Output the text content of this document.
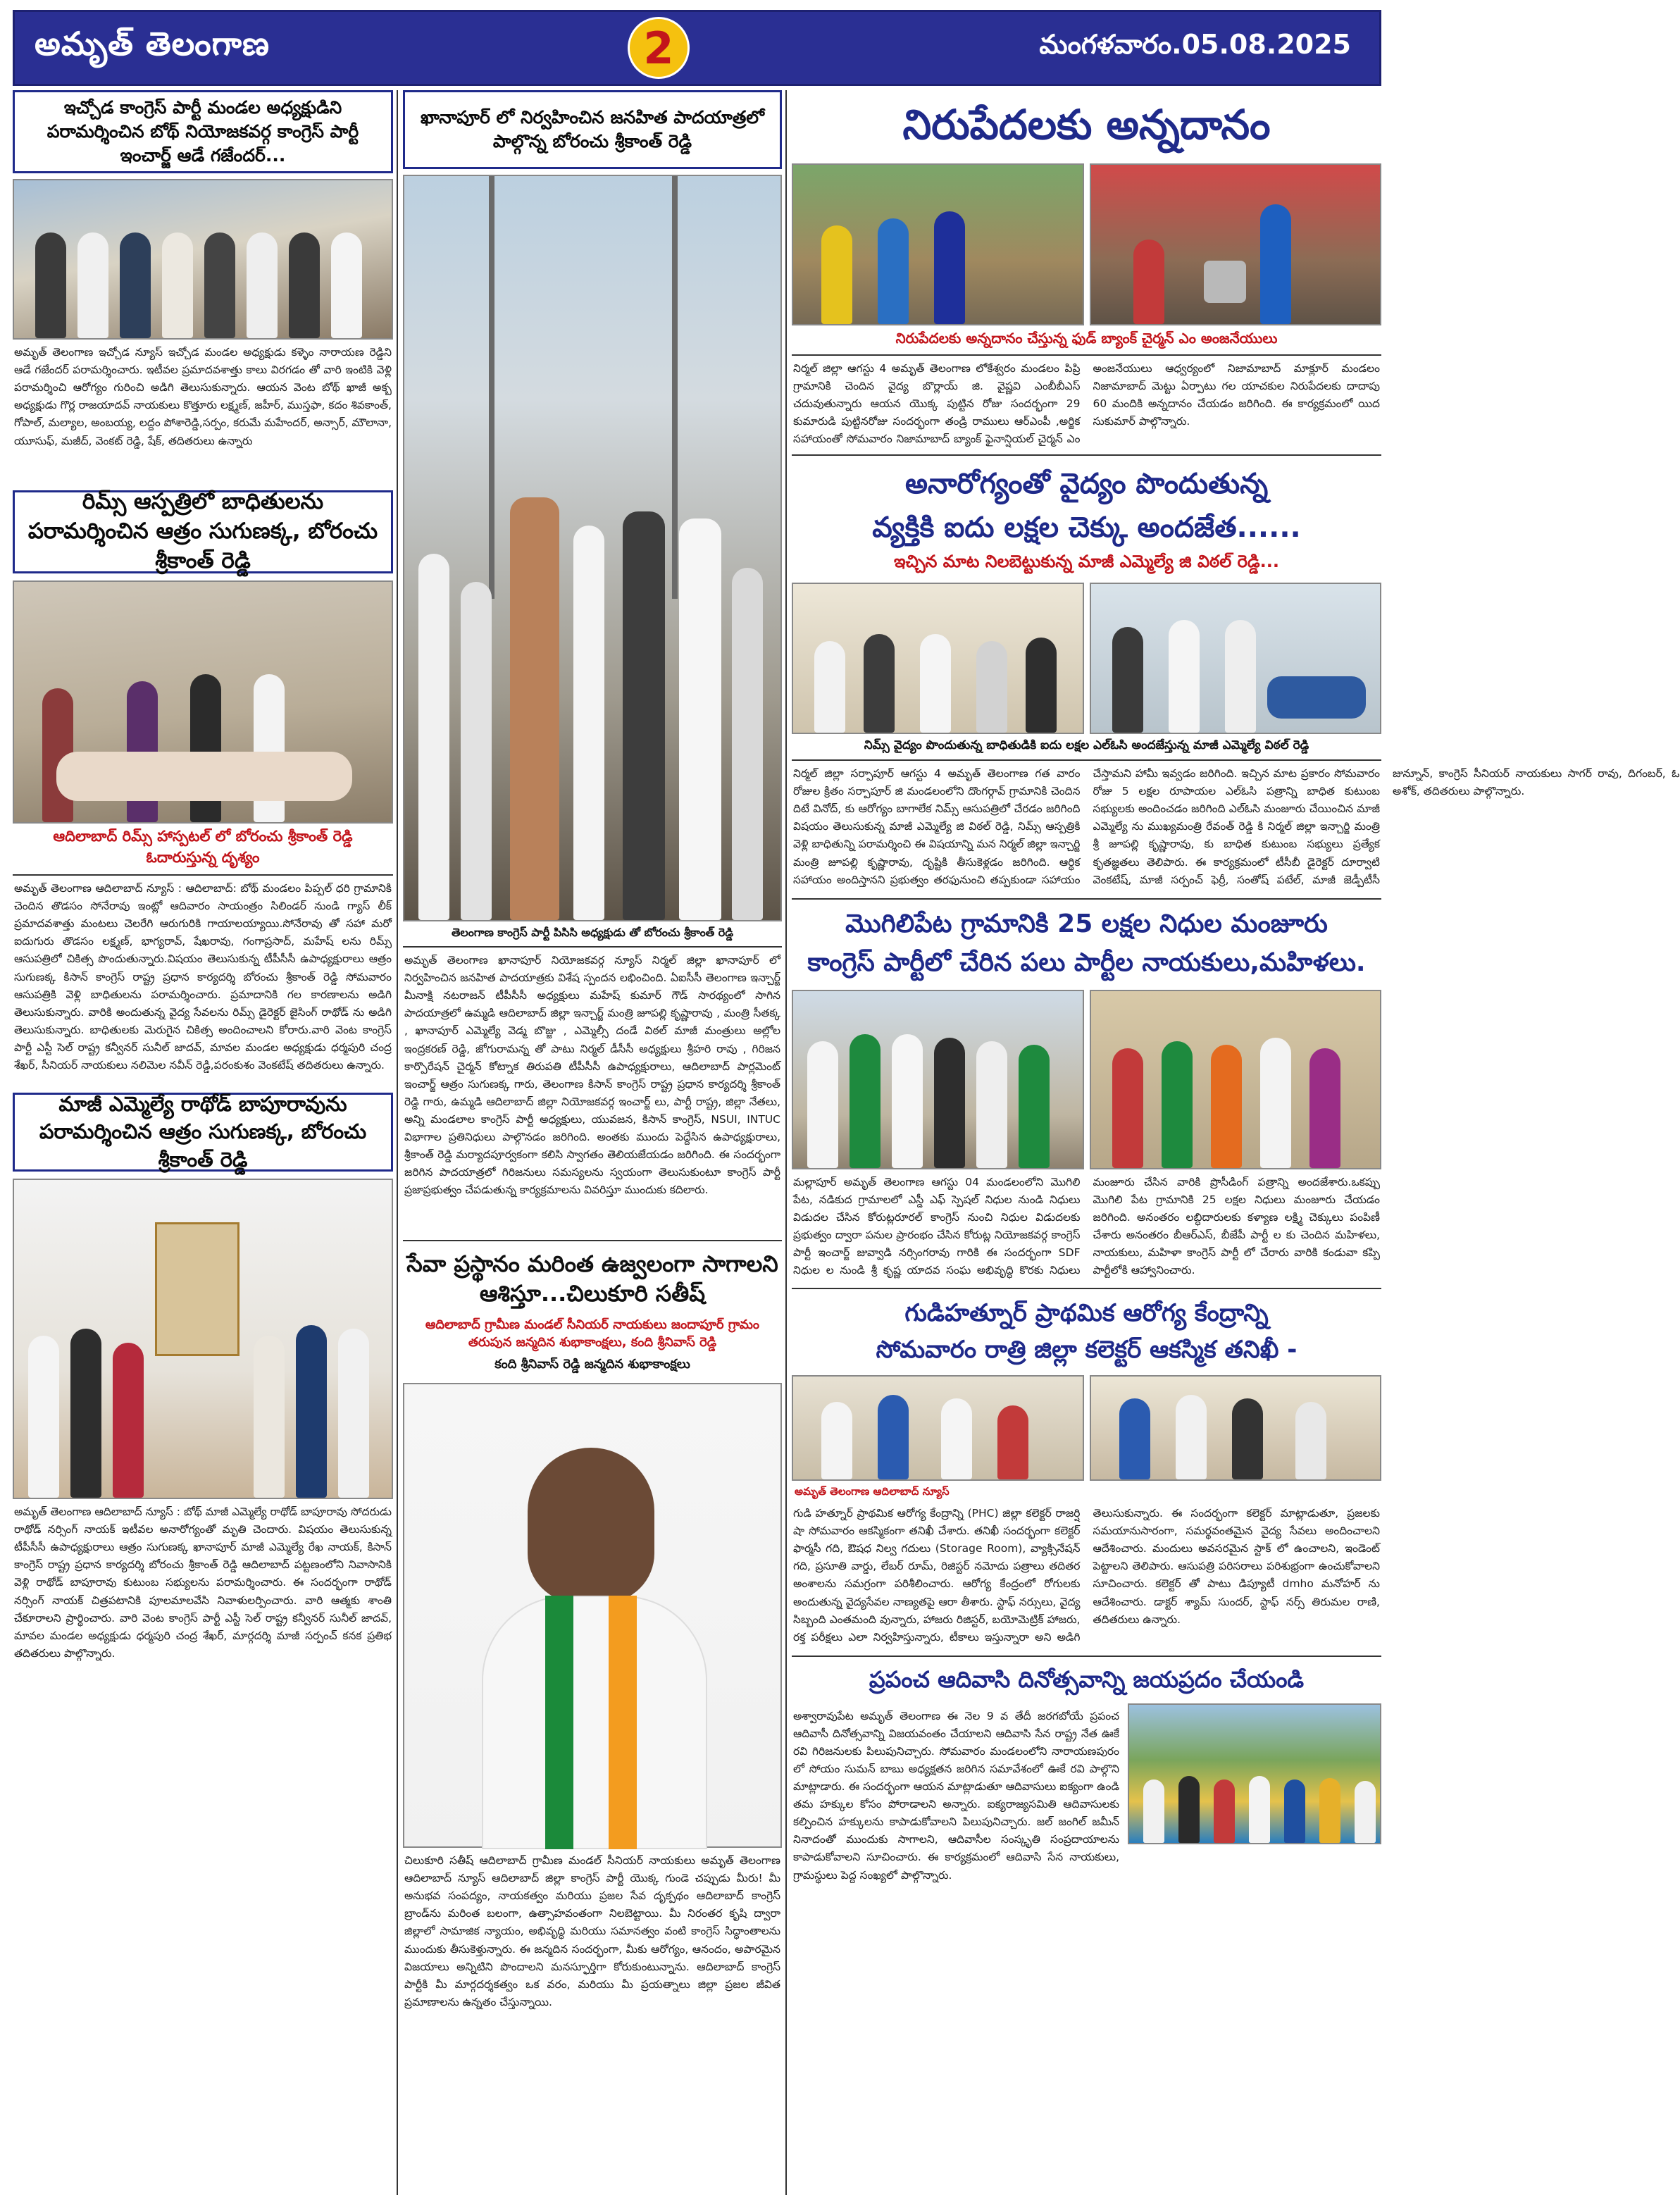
అమృత్ తెలంగాణ	2	మంగళవారం.05.08.2025
ఇచ్చోడ కాంగ్రెస్ పార్టీ మండల అధ్యక్షుడిని పరామర్శించిన బోథ్ నియోజకవర్గ కాంగ్రెస్ పార్టీ ఇంచార్జ్ ఆడే గజేందర్...
అమృత్ తెలంగాణ ఇచ్చోడ న్యూస్ ఇచ్చోడ మండల అధ్యక్షుడు కళ్ళెం నారాయణ రెడ్డిని ఆడే గజేందర్ పరామర్శించారు. ఇటీవల ప్రమాదవశాత్తు కాలు విరగడం తో వారి ఇంటికి వెళ్లి పరామర్శించి ఆరోగ్యం గురించి అడిగి తెలుసుకున్నారు. ఆయన వెంట బోథ్ ఖాజీ అక్బ అధ్యక్షుడు గొర్ల రాజయాదవ్ నాయకులు కొత్తూరు లక్ష్మణ్, జహీర్, ముస్తఫా, కదం శివకాంత్, గోపాల్, మల్యాల, అంబయ్య, లద్దం పోశారెడ్డి,సర్పం, కరుమే మహేందర్, అన్సార్, మౌలానా, యూసుఫ్, మజీద్, వెంకట్ రెడ్డి, షేక్, తదితరులు ఉన్నారు
రిమ్స్ ఆస్పత్రిలో బాధితులను పరామర్శించిన ఆత్రం సుగుణక్క, బోరంచు శ్రీకాంత్ రెడ్డి
ఆదిలాబాద్ రిమ్స్ హాస్పటల్ లో బోరంచు శ్రీకాంత్ రెడ్డి ఓదారుస్తున్న దృశ్యం
అమృత్ తెలంగాణ ఆదిలాబాద్ న్యూస్ : ఆదిలాబాద్: బోథ్ మండలం పిప్పల్ ధరి గ్రామానికి చెందిన తొడసం సోనేరావు ఇంట్లో ఆదివారం సాయంత్రం సిలిండర్ నుండి గ్యాస్ లీక్ ప్రమాదవశాత్తు మంటలు చెలరేగి ఆరుగురికి గాయాలయ్యాయి.సోనేరావు తో సహా మరో ఐదుగురు తొడసం లక్ష్మణ్, భాగ్యరావ్, షేఖరావు, గంగాప్రసాద్, మహేష్ లను రిమ్స్ ఆసుపత్రిలో చికిత్స పొందుతున్నారు.విషయం తెలుసుకున్న టీపీసీసీ ఉపాధ్యక్షురాలు ఆత్రం సుగుణక్క కిసాన్ కాంగ్రెస్ రాష్ట్ర ప్రధాన కార్యదర్శి బోరంచు శ్రీకాంత్ రెడ్డి సోమవారం ఆసుపత్రికి వెళ్లి బాధితులను పరామర్శించారు. ప్రమాదానికి గల కారణాలను అడిగి తెలుసుకున్నారు. వారికి అందుతున్న వైద్య సేవలను రిమ్స్ డైరెక్టర్ జైసింగ్ రాథోడ్ ను అడిగి తెలుసుకున్నారు. బాధితులకు మెరుగైన చికిత్స అందించాలని కోరారు.వారి వెంట కాంగ్రెస్ పార్టీ ఎస్టీ సెల్ రాష్ట్ర కన్వీనర్ సునీల్ జాదవ్, మావల మండల అధ్యక్షుడు ధర్మపురి చంద్ర శేఖర్, సీనియర్ నాయకులు నలిమెల నవీన్ రెడ్డి,పరంకుశం వెంకటేష్ తదితరులు ఉన్నారు.
మాజీ ఎమ్మెల్యే రాథోడ్ బాపూరావును పరామర్శించిన ఆత్రం సుగుణక్క, బోరంచు శ్రీకాంత్ రెడ్డి
అమృత్ తెలంగాణ ఆదిలాబాద్ న్యూస్ : బోథ్ మాజీ ఎమ్మెల్యే రాథోడ్ బాపూరావు సోదరుడు రాథోడ్ నర్సింగ్ నాయక్ ఇటీవల అనారోగ్యంతో మృతి చెందారు. విషయం తెలుసుకున్న టీపీసీసీ ఉపాధ్యక్షురాలు ఆత్రం సుగుణక్క ఖానాపూర్ మాజీ ఎమ్మెల్యే రేఖ నాయక్, కిసాన్ కాంగ్రెస్ రాష్ట్ర ప్రధాన కార్యదర్శి బోరంచు శ్రీకాంత్ రెడ్డి ఆదిలాబాద్ పట్టణంలోని నివాసానికి వెళ్లి రాథోడ్ బాపూరావు కుటుంబ సభ్యులను పరామర్శించారు. ఈ సందర్భంగా రాథోడ్ నర్సింగ్ నాయక్ చిత్రపటానికి పూలమాలవేసి నివాళులర్పించారు. వారి ఆత్మకు శాంతి చేకూరాలని ప్రార్థించారు. వారి వెంట కాంగ్రెస్ పార్టీ ఎస్టీ సెల్ రాష్ట్ర కన్వీనర్ సునీల్ జాదవ్, మావల మండల అధ్యక్షుడు ధర్మపురి చంద్ర శేఖర్, మార్గదర్శి మాజీ సర్పంచ్ కనక ప్రతిభ తదితరులు పాల్గొన్నారు.
ఖానాపూర్ లో నిర్వహించిన జనహిత పాదయాత్రలో పాల్గొన్న బోరంచు శ్రీకాంత్ రెడ్డి
తెలంగాణ కాంగ్రెస్ పార్టీ పిసిసి అధ్యక్షుడు తో బోరంచు శ్రీకాంత్ రెడ్డి
అమృత్ తెలంగాణ ఖానాపూర్ నియోజకవర్గ న్యూస్ నిర్మల్ జిల్లా ఖానాపూర్ లో నిర్వహించిన జనహిత పాదయాత్రకు విశేష స్పందన లభించింది. ఏఐసీసీ తెలంగాణ ఇన్చార్జ్ మీనాక్షి నటరాజన్ టీపీసీసీ అధ్యక్షులు మహేష్ కుమార్ గౌడ్ సారథ్యంలో సాగిన పాదయాత్రలో ఉమ్మడి ఆదిలాబాద్ జిల్లా ఇన్చార్జ్ మంత్రి జూపల్లి కృష్ణారావు , మంత్రి సీతక్క , ఖానాపూర్ ఎమ్మెల్యే వెడ్మ బొజ్జు , ఎమ్మెల్సీ దండే విఠల్ మాజీ మంత్రులు అల్లోల ఇంద్రకరణ్ రెడ్డి, జోగురామన్న తో పాటు నిర్మల్ డీసీసీ అధ్యక్షులు శ్రీహరి రావు , గిరిజన కార్పొరేషన్ చైర్మన్ కోట్నాక తిరుపతి టీపీసీసీ ఉపాధ్యక్షురాలు, ఆదిలాబాద్ పార్లమెంట్ ఇంచార్జ్ ఆత్రం సుగుణక్క గారు, తెలంగాణ కిసాన్ కాంగ్రెస్ రాష్ట్ర ప్రధాన కార్యదర్శి శ్రీకాంత్ రెడ్డి గారు, ఉమ్మడి ఆదిలాబాద్ జిల్లా నియోజకవర్గ ఇంచార్జ్ లు, పార్టీ రాష్ట్ర, జిల్లా నేతలు, అన్ని మండలాల కాంగ్రెస్ పార్టీ అధ్యక్షులు, యువజన, కిసాన్ కాంగ్రెస్, NSUI, INTUC విభాగాల ప్రతినిధులు పాల్గొనడం జరిగింది. అంతకు ముందు పెద్దేసిన ఉపాధ్యక్షురాలు, శ్రీకాంత్ రెడ్డి మర్యాదపూర్వకంగా కలిసి స్వాగతం తెలియజేయడం జరిగింది. ఈ సందర్భంగా జరిగిన పాదయాత్రలో గిరిజనులు సమస్యలను స్వయంగా తెలుసుకుంటూ కాంగ్రెస్ పార్టీ ప్రజాప్రభుత్వం చేపడుతున్న కార్యక్రమాలను వివరిస్తూ ముందుకు కదిలారు.
సేవా ప్రస్థానం మరింత ఉజ్వలంగా సాగాలని ఆశిస్తూ...చిలుకూరి సతీష్
ఆదిలాబాద్ గ్రామీణ మండల్ సీనియర్ నాయకులు జందాపూర్ గ్రామం తరుపున జన్మదిన శుభాకాంక్షలు, కంది శ్రీనివాస్ రెడ్డి
కంది శ్రీనివాస్ రెడ్డి జన్మదిన శుభాకాంక్షలు
చిలుకూరి సతీష్ ఆదిలాబాద్ గ్రామీణ మండల్ సీనియర్ నాయకులు అమృత్ తెలంగాణ ఆదిలాబాద్ న్యూస్ ఆదిలాబాద్ జిల్లా కాంగ్రెస్ పార్టీ యొక్క గుండె చప్పుడు మీరు! మీ అనుభవ సంపద్యం, నాయకత్వం మరియు ప్రజల సేవ దృక్పథం ఆదిలాబాద్ కాంగ్రెస్ బ్రాండ్‌ను మరింత బలంగా, ఉత్సాహవంతంగా నిలబెట్టాయి. మీ నిరంతర కృషి ద్వారా జిల్లాలో సామాజిక న్యాయం, అభివృద్ధి మరియు సమానత్వం వంటి కాంగ్రెస్ సిద్ధాంతాలను ముందుకు తీసుకెళ్తున్నారు. ఈ జన్మదిన సందర్భంగా, మీకు ఆరోగ్యం, ఆనందం, అపారమైన విజయాలు అన్నిటిని పొందాలని మనస్ఫూర్తిగా కోరుకుంటున్నాను. ఆదిలాబాద్ కాంగ్రెస్ పార్టీకి మీ మార్గదర్శకత్వం ఒక వరం, మరియు మీ ప్రయత్నాలు జిల్లా ప్రజల జీవిత ప్రమాణాలను ఉన్నతం చేస్తున్నాయి.
నిరుపేదలకు అన్నదానం
నిరుపేదలకు అన్నదానం చేస్తున్న ఫుడ్ బ్యాంక్ చైర్మన్ ఎం అంజనేయులు
నిర్మల్ జిల్లా ఆగస్టు 4 అమృత్ తెలంగాణ లోకేశ్వరం మండలం పిప్రి గ్రామానికి చెందిన వైద్య బొర్లాయ్ జి. వైష్ణవి ఎంబీబీఎస్ చదువుతున్నారు ఆయన యొక్క పుట్టిన రోజు సందర్భంగా 29 కుమారుడి పుట్టినరోజు సందర్భంగా తండ్రి రాములు ఆర్ఎంపీ ,అర్జిక సహాయంతో సోమవారం నిజామాబాద్ బ్యాంక్ ఫైనాన్షియల్ చైర్మన్ ఎం అంజనేయులు ఆధ్వర్యంలో నిజామాబాద్ మాక్లూర్ మండలం నిజామాబాద్ మెట్టు ఏర్పాటు గల యాచకుల నిరుపేదలకు దాదాపు 60 మందికి అన్నదానం చేయడం జరిగింది. ఈ కార్యక్రమంలో యిద సుకుమార్ పాల్గొన్నారు.
అనారోగ్యంతో వైద్యం పొందుతున్న
వ్యక్తికి ఐదు లక్షల చెక్కు అందజేత......
ఇచ్చిన మాట నిలబెట్టుకున్న మాజీ ఎమ్మెల్యే జి విఠల్ రెడ్డి...
నిమ్స్ వైద్యం పొందుతున్న బాధితుడికి ఐదు లక్షల ఎల్ఓసి అందజేస్తున్న మాజీ ఎమ్మెల్యే విఠల్ రెడ్డి
నిర్మల్ జిల్లా సర్పాపూర్ ఆగస్టు 4 అమృత్ తెలంగాణ గత వారం రోజుల క్రితం సర్పాపూర్ జి మండలంలోని దొంగర్గావ్ గ్రామానికి చెందిన దిటే వినోద్, కు ఆరోగ్యం బాగాలేక నిమ్స్ ఆసుపత్రిలో చేరడం జరిగింది విషయం తెలుసుకున్న మాజీ ఎమ్మెల్యే జి విఠల్ రెడ్డి, నిమ్స్ ఆస్పత్రికి వెళ్లి బాధితున్ని పరామర్శించి ఈ విషయాన్ని మన నిర్మల్ జిల్లా ఇన్చార్జి మంత్రి జూపల్లి కృష్ణారావు, దృష్టికి తీసుకెళ్లడం జరిగింది. ఆర్థిక సహాయం అందిస్తానని ప్రభుత్వం తరఫునుంచి తప్పకుండా సహాయం చేస్తామని హామీ ఇవ్వడం జరిగింది. ఇచ్చిన మాట ప్రకారం సోమవారం రోజు 5 లక్షల రూపాయల ఎల్ఓసి పత్రాన్ని బాధిత కుటుంబ సభ్యులకు అందించడం జరిగింది ఎల్ఓసి మంజూరు చేయించిన మాజీ ఎమ్మెల్యే ను ముఖ్యమంత్రి రేవంత్ రెడ్డి కి నిర్మల్ జిల్లా ఇన్చార్జి మంత్రి శ్రీ జూపల్లి కృష్ణారావు, కు బాధిత కుటుంబ సభ్యులు ప్రత్యేక కృతజ్ఞతలు తెలిపారు. ఈ కార్యక్రమంలో టీసీబీ డైరెక్టర్ దూర్వాటి వెంకటేష్, మాజీ సర్పంచ్ ఫెర్రీ, సంతోష్ పటేల్, మాజీ జెడ్పీటీసీ జున్నూన్, కాంగ్రెస్ సీనియర్ నాయకులు సాగర్ రావు, దిగంబర్, ఓ అశోక్, తదితరులు పాల్గొన్నారు.
మొగిలిపేట గ్రామానికి 25 లక్షల నిధుల మంజూరు
కాంగ్రెస్ పార్టీలో చేరిన పలు పార్టీల నాయకులు,మహిళలు.
మల్లాపూర్ అమృత్ తెలంగాణ ఆగస్టు 04 మండలంలోని మొగిలి పేట, నడికుద గ్రామాలలో ఎస్డీ ఎఫ్ స్పెషల్ నిధుల నుండి నిధులు విడుదల చేసిన కోరుట్లరూరల్ కాంగ్రెస్ నుంచి నిధుల విడుదలకు ప్రభుత్వం ద్వారా పనుల ప్రారంభం చేసిన కోరుట్ల నియోజకవర్గ కాంగ్రెస్ పార్టీ ఇంచార్జ్ జువ్వాడి నర్సింగరావు గారికి ఈ సందర్భంగా SDF నిధుల ల నుండి శ్రీ కృష్ణ యాదవ సంఘ అభివృద్ధి కొరకు నిధులు మంజూరు చేసిన వారికి ప్రొసీడింగ్ పత్రాన్ని అందజేశారు.ఒకప్పు మొగిలి పేట గ్రామానికి 25 లక్షల నిధులు మంజూరు చేయడం జరిగింది. అనంతరం లబ్ధిదారులకు కళ్యాణ లక్ష్మి చెక్కులు పంపిణీ చేశారు అనంతరం బీఆర్ఎస్, బీజేపీ పార్టీ ల కు చెందిన మహిళలు, నాయకులు, మహిళా కాంగ్రెస్ పార్టీ లో చేరారు వారికి కండువా కప్పి పార్టీలోకి ఆహ్వానించారు.
గుడిహత్నూర్ ప్రాథమిక ఆరోగ్య కేంద్రాన్ని
సోమవారం రాత్రి జిల్లా కలెక్టర్ ఆకస్మిక తనిఖీ -
అమృత్ తెలంగాణ ఆదిలాబాద్ న్యూస్
గుడి హత్నూర్ ప్రాథమిక ఆరోగ్య కేంద్రాన్ని (PHC) జిల్లా కలెక్టర్ రాజర్షి షా సోమవారం ఆకస్మికంగా తనిఖీ చేశారు. తనిఖీ సందర్భంగా కలెక్టర్ ఫార్మసీ గది, ఔషధ నిల్వ గదులు (Storage Room), వ్యాక్సినేషన్ గది, ప్రసూతి వార్డు, లేబర్ రూమ్, రిజిస్టర్ నమోదు పత్రాలు తదితర అంశాలను సమగ్రంగా పరిశీలించారు. ఆరోగ్య కేంద్రంలో రోగులకు అందుతున్న వైద్యసేవల నాణ్యతపై ఆరా తీశారు. స్టాఫ్ నర్సులు, వైద్య సిబ్బంది ఎంతమంది వున్నారు, హాజరు రిజిస్టర్, బయోమెట్రిక్ హాజరు, రక్త పరీక్షలు ఎలా నిర్వహిస్తున్నారు, టీకాలు ఇస్తున్నారా అని అడిగి తెలుసుకున్నారు. ఈ సందర్భంగా కలెక్టర్ మాట్లాడుతూ, ప్రజలకు సమయానుసారంగా, సమర్థవంతమైన వైద్య సేవలు అందించాలని ఆదేశించారు. మందులు అవసరమైన స్టాక్ లో ఉంచాలని, ఇండెంట్ పెట్టాలని తెలిపారు. ఆసుపత్రి పరిసరాలు పరిశుభ్రంగా ఉంచుకోవాలని సూచించారు. కలెక్టర్ తో పాటు డిప్యూటీ dmho మనోహర్ ను ఆదేశించారు. డాక్టర్ శ్యామ్ సుందర్, స్టాఫ్ నర్స్ తిరుమల రాణి, తదితరులు ఉన్నారు.
ప్రపంచ ఆదివాసి దినోత్సవాన్ని జయప్రదం చేయండి
అశ్వారావుపేట అమృత్ తెలంగాణ ఈ నెల 9 వ తేదీ జరగబోయే ప్రపంచ ఆదివాసీ దినోత్సవాన్ని విజయవంతం చేయాలని ఆదివాసి సేన రాష్ట్ర నేత ఊకే రవి గిరిజనులకు పిలుపునిచ్చారు. సోమవారం మండలంలోని నారాయణపురం లో సోయం సుమన్ బాబు అధ్యక్షతన జరిగిన సమావేశంలో ఊకే రవి పాల్గొని మాట్లాడారు. ఈ సందర్భంగా ఆయన మాట్లాడుతూ ఆదివాసులు ఐక్యంగా ఉండి తమ హక్కుల కోసం పోరాడాలని అన్నారు. ఐక్యరాజ్యసమితి ఆదివాసులకు కల్పించిన హక్కులను కాపాడుకోవాలని పిలుపునిచ్చారు. జల్ జంగిల్ జమీన్ నినాదంతో ముందుకు సాగాలని, ఆదివాసీల సంస్కృతి సంప్రదాయాలను కాపాడుకోవాలని సూచించారు. ఈ కార్యక్రమంలో ఆదివాసి సేన నాయకులు, గ్రామస్థులు పెద్ద సంఖ్యలో పాల్గొన్నారు.
